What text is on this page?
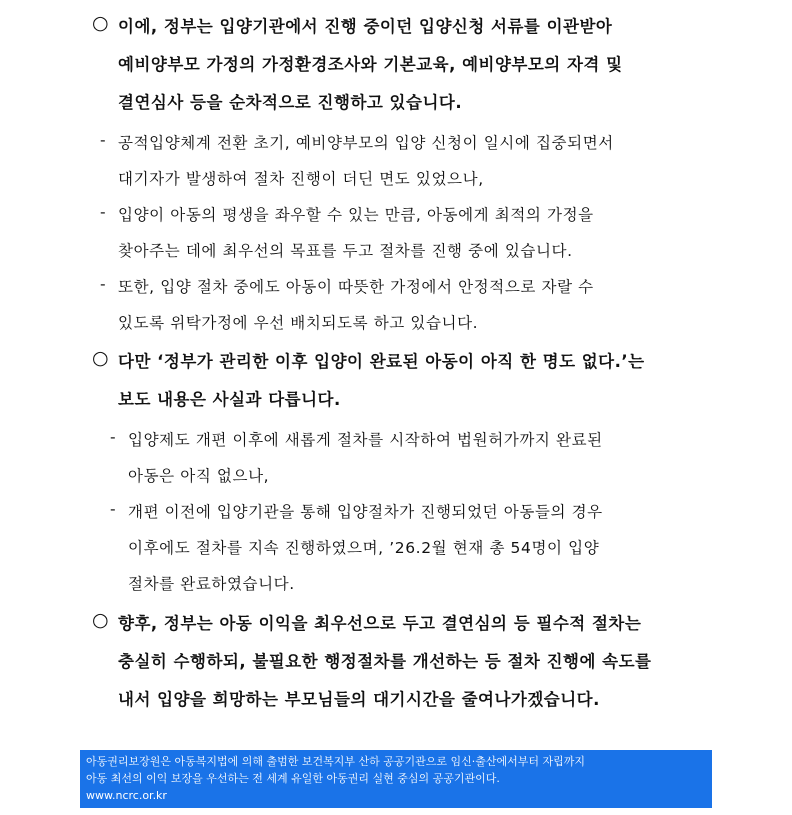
○ 이에, 정부는 입양기관에서 진행 중이던 입양신청 서류를 이관받아
예비양부모 가정의 가정환경조사와 기본교육, 예비양부모의 자격 및
결연심사 등을 순차적으로 진행하고 있습니다.
- 공적입양체계 전환 초기, 예비양부모의 입양 신청이 일시에 집중되면서
대기자가 발생하여 절차 진행이 더딘 면도 있었으나,
- 입양이 아동의 평생을 좌우할 수 있는 만큼, 아동에게 최적의 가정을
찾아주는 데에 최우선의 목표를 두고 절차를 진행 중에 있습니다.
- 또한, 입양 절차 중에도 아동이 따뜻한 가정에서 안정적으로 자랄 수
있도록 위탁가정에 우선 배치되도록 하고 있습니다.
○ 다만 ‘정부가 관리한 이후 입양이 완료된 아동이 아직 한 명도 없다.’는
보도 내용은 사실과 다릅니다.
- 입양제도 개편 이후에 새롭게 절차를 시작하여 법원허가까지 완료된
아동은 아직 없으나,
- 개편 이전에 입양기관을 통해 입양절차가 진행되었던 아동들의 경우
이후에도 절차를 지속 진행하였으며, ’26.2월 현재 총 54명이 입양
절차를 완료하였습니다.
○ 향후, 정부는 아동 이익을 최우선으로 두고 결연심의 등 필수적 절차는
충실히 수행하되, 불필요한 행정절차를 개선하는 등 절차 진행에 속도를
내서 입양을 희망하는 부모님들의 대기시간을 줄여나가겠습니다.
아동권리보장원은 아동복지법에 의해 출범한 보건복지부 산하 공공기관으로 임신·출산에서부터 자립까지
아동 최선의 이익 보장을 우선하는 전 세계 유일한 아동권리 실현 중심의 공공기관이다.
www.ncrc.or.kr
